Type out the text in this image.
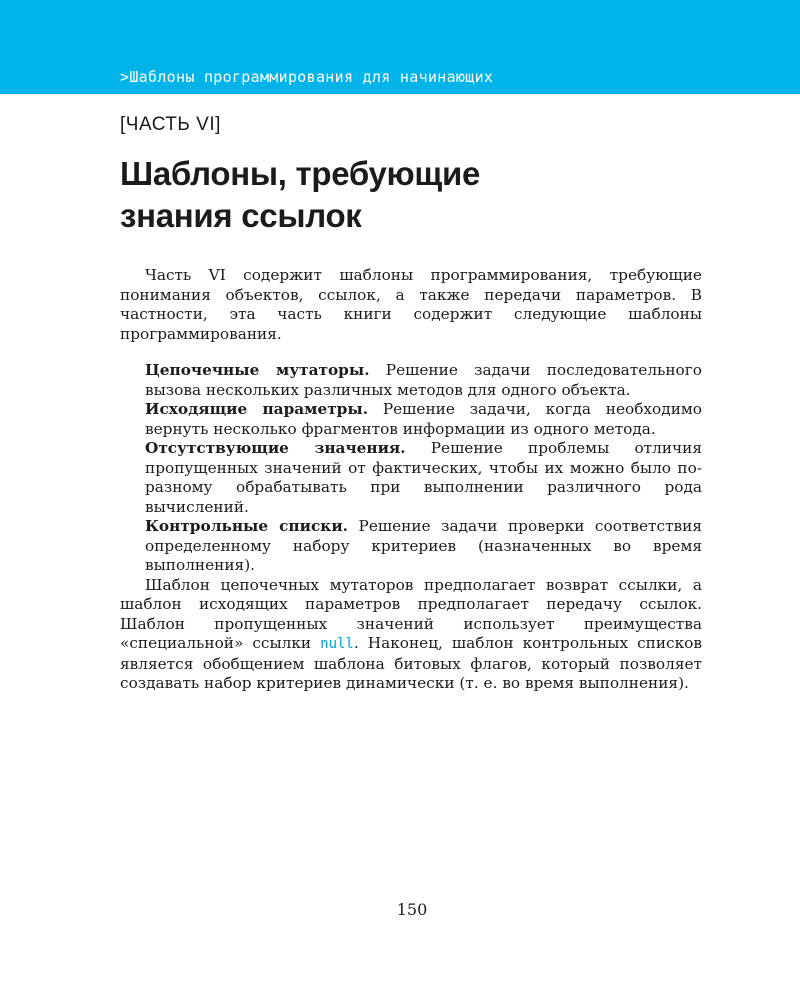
>Шаблоны программирования для начинающих
[ЧАСТЬ VI]
Шаблоны, требующие
знания ссылок

Часть VI содержит шаблоны программирования, требующие понимания объектов, ссылок, а также передачи параметров. В частности, эта часть книги содержит следующие шаблоны программирования.

Цепочечные мутаторы. Решение задачи последовательного вызова нескольких различных методов для одного объекта.

Исходящие параметры. Решение задачи, когда необходимо вернуть несколько фрагментов информации из одного метода.

Отсутствующие значения. Решение проблемы отличия пропущенных значений от фактических, чтобы их можно было по-разному обрабатывать при выполнении различного рода вычислений.

Контрольные списки. Решение задачи проверки соответствия определенному набору критериев (назначенных во время выполнения).

Шаблон цепочечных мутаторов предполагает возврат ссылки, а шаблон исходящих параметров предполагает передачу ссылок. Шаблон пропущенных значений использует преимущества «специальной» ссылки null. Наконец, шаблон контрольных списков является обобщением шаблона битовых флагов, который позволяет создавать набор критериев динамически (т. е. во время выполнения).

150
